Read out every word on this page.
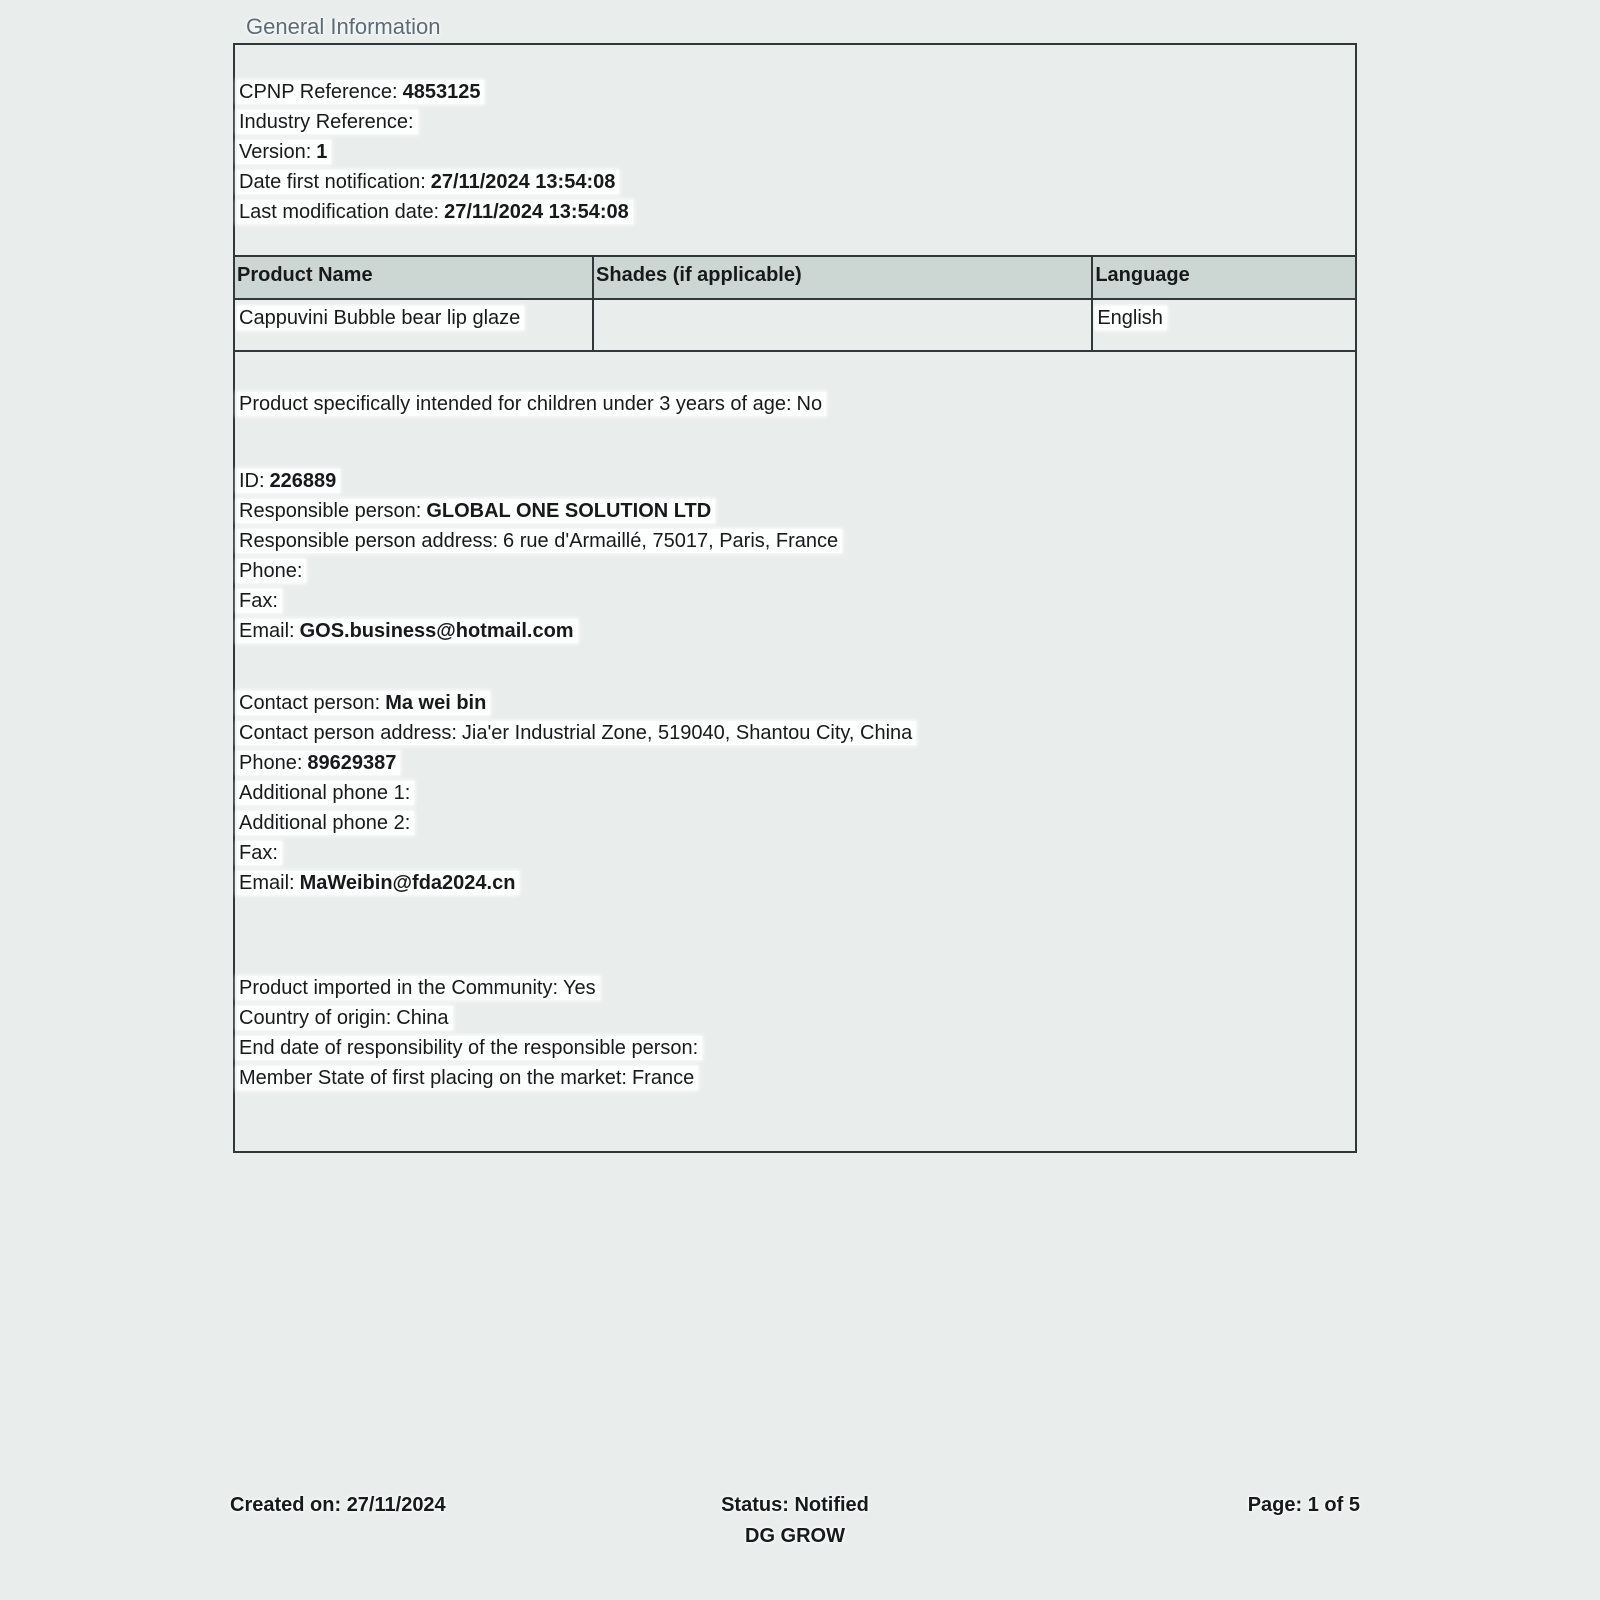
General Information
CPNP Reference: 4853125
Industry Reference:
Version: 1
Date first notification: 27/11/2024 13:54:08
Last modification date: 27/11/2024 13:54:08
Product Name	Shades (if applicable)	Language
Cappuvini Bubble bear lip glaze		English
Product specifically intended for children under 3 years of age: No
ID: 226889
Responsible person: GLOBAL ONE SOLUTION LTD
Responsible person address: 6 rue d'Armaillé, 75017, Paris, France
Phone:
Fax:
Email: GOS.business@hotmail.com
Contact person: Ma wei bin
Contact person address: Jia'er Industrial Zone, 519040, Shantou City, China
Phone: 89629387
Additional phone 1:
Additional phone 2:
Fax:
Email: MaWeibin@fda2024.cn
Product imported in the Community: Yes
Country of origin: China
End date of responsibility of the responsible person:
Member State of first placing on the market: France
Created on: 27/11/2024	Status: Notified	Page: 1 of 5
DG GROW
